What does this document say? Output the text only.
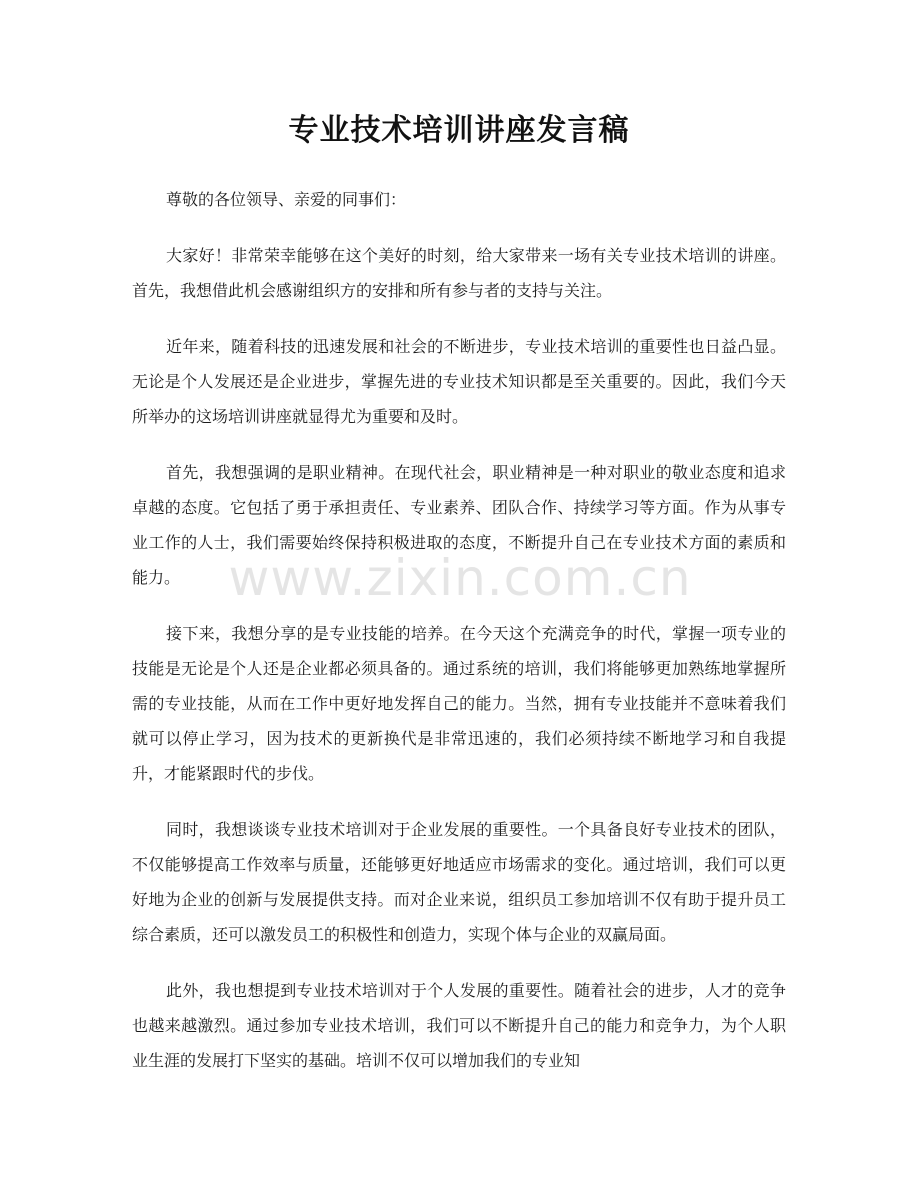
专业技术培训讲座发言稿

尊敬的各位领导、亲爱的同事们：

大家好！非常荣幸能够在这个美好的时刻，给大家带来一场有关专业技术培训的讲座。首先，我想借此机会感谢组织方的安排和所有参与者的支持与关注。

近年来，随着科技的迅速发展和社会的不断进步，专业技术培训的重要性也日益凸显。无论是个人发展还是企业进步，掌握先进的专业技术知识都是至关重要的。因此，我们今天所举办的这场培训讲座就显得尤为重要和及时。

首先，我想强调的是职业精神。在现代社会，职业精神是一种对职业的敬业态度和追求卓越的态度。它包括了勇于承担责任、专业素养、团队合作、持续学习等方面。作为从事专业工作的人士，我们需要始终保持积极进取的态度，不断提升自己在专业技术方面的素质和能力。

接下来，我想分享的是专业技能的培养。在今天这个充满竞争的时代，掌握一项专业的技能是无论是个人还是企业都必须具备的。通过系统的培训，我们将能够更加熟练地掌握所需的专业技能，从而在工作中更好地发挥自己的能力。当然，拥有专业技能并不意味着我们就可以停止学习，因为技术的更新换代是非常迅速的，我们必须持续不断地学习和自我提升，才能紧跟时代的步伐。

同时，我想谈谈专业技术培训对于企业发展的重要性。一个具备良好专业技术的团队，不仅能够提高工作效率与质量，还能够更好地适应市场需求的变化。通过培训，我们可以更好地为企业的创新与发展提供支持。而对企业来说，组织员工参加培训不仅有助于提升员工综合素质，还可以激发员工的积极性和创造力，实现个体与企业的双赢局面。

此外，我也想提到专业技术培训对于个人发展的重要性。随着社会的进步，人才的竞争也越来越激烈。通过参加专业技术培训，我们可以不断提升自己的能力和竞争力，为个人职业生涯的发展打下坚实的基础。培训不仅可以增加我们的专业知

www.zixin.com.cn
